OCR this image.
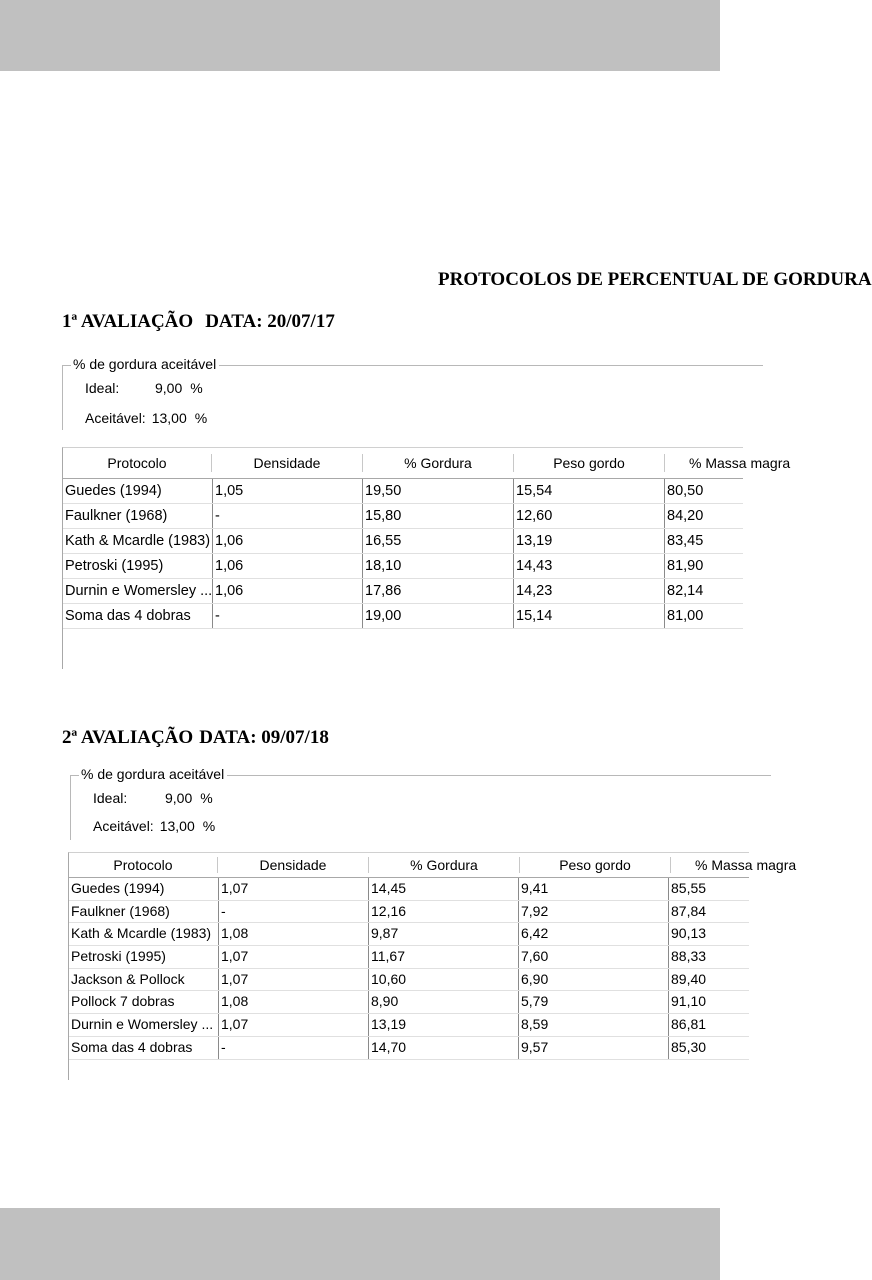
PROTOCOLOS DE PERCENTUAL DE GORDURA
1ª AVALIAÇÃO DATA: 20/07/17
% de gordura aceitável
Ideal:	9,00 %
Aceitável: 13,00 %
Protocolo	Densidade	% Gordura	Peso gordo	% Massa magra
Guedes (1994)	1,05	19,50	15,54	80,50
Faulkner (1968)	-	15,80	12,60	84,20
Kath & Mcardle (1983) 1,06	16,55	13,19	83,45
Petroski (1995)	1,06	18,10	14,43	81,90
Durnin e Womersley ... 1,06	17,86	14,23	82,14
Soma das 4 dobras	-	19,00	15,14	81,00
2ª AVALIAÇÃO DATA: 09/07/18
% de gordura aceitável
Ideal:	9,00 %
Aceitável: 13,00 %
Protocolo	Densidade	% Gordura	Peso gordo	% Massa magra
Guedes (1994)	1,07	14,45	9,41	85,55
Faulkner (1968)	-	12,16	7,92	87,84
Kath & Mcardle (1983) 1,08	9,87	6,42	90,13
Petroski (1995)	1,07	11,67	7,60	88,33
Jackson & Pollock	1,07	10,60	6,90	89,40
Pollock 7 dobras	1,08	8,90	5,79	91,10
Durnin e Womersley ... 1,07	13,19	8,59	86,81
Soma das 4 dobras	-	14,70	9,57	85,30
